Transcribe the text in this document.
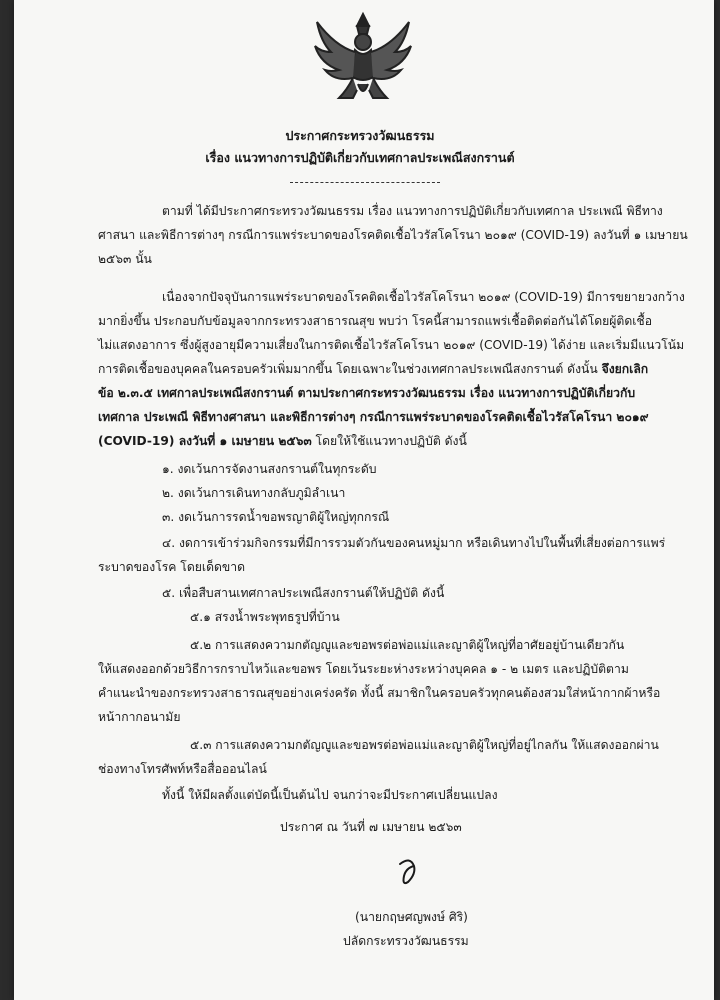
ประกาศกระทรวงวัฒนธรรม
เรื่อง แนวทางการปฏิบัติเกี่ยวกับเทศกาลประเพณีสงกรานต์
ตามที่ ได้มีประกาศกระทรวงวัฒนธรรม เรื่อง แนวทางการปฏิบัติเกี่ยวกับเทศกาล ประเพณี พิธีทาง
ศาสนา และพิธีการต่างๆ กรณีการแพร่ระบาดของโรคติดเชื้อไวรัสโคโรนา ๒๐๑๙ (COVID-19) ลงวันที่ ๑ เมษายน
๒๕๖๓ นั้น
เนื่องจากปัจจุบันการแพร่ระบาดของโรคติดเชื้อไวรัสโคโรนา ๒๐๑๙ (COVID-19) มีการขยายวงกว้าง
มากยิ่งขึ้น ประกอบกับข้อมูลจากกระทรวงสาธารณสุข พบว่า โรคนี้สามารถแพร่เชื้อติดต่อกันได้โดยผู้ติดเชื้อ
ไม่แสดงอาการ ซึ่งผู้สูงอายุมีความเสี่ยงในการติดเชื้อไวรัสโคโรนา ๒๐๑๙ (COVID-19) ได้ง่าย และเริ่มมีแนวโน้ม
การติดเชื้อของบุคคลในครอบครัวเพิ่มมากขึ้น โดยเฉพาะในช่วงเทศกาลประเพณีสงกรานต์ ดังนั้น จึงยกเลิก
ข้อ ๒.๓.๕ เทศกาลประเพณีสงกรานต์ ตามประกาศกระทรวงวัฒนธรรม เรื่อง แนวทางการปฏิบัติเกี่ยวกับ
เทศกาล ประเพณี พิธีทางศาสนา และพิธีการต่างๆ กรณีการแพร่ระบาดของโรคติดเชื้อไวรัสโคโรนา ๒๐๑๙
(COVID-19) ลงวันที่ ๑ เมษายน ๒๕๖๓ โดยให้ใช้แนวทางปฏิบัติ ดังนี้
๑. งดเว้นการจัดงานสงกรานต์ในทุกระดับ
๒. งดเว้นการเดินทางกลับภูมิลำเนา
๓. งดเว้นการรดน้ำขอพรญาติผู้ใหญ่ทุกกรณี
๔. งดการเข้าร่วมกิจกรรมที่มีการรวมตัวกันของคนหมู่มาก หรือเดินทางไปในพื้นที่เสี่ยงต่อการแพร่
ระบาดของโรค โดยเด็ดขาด
๕. เพื่อสืบสานเทศกาลประเพณีสงกรานต์ให้ปฏิบัติ ดังนี้
๕.๑ สรงน้ำพระพุทธรูปที่บ้าน
๕.๒ การแสดงความกตัญญูและขอพรต่อพ่อแม่และญาติผู้ใหญ่ที่อาศัยอยู่บ้านเดียวกัน
ให้แสดงออกด้วยวิธีการกราบไหว้และขอพร โดยเว้นระยะห่างระหว่างบุคคล ๑ - ๒ เมตร และปฏิบัติตาม
คำแนะนำของกระทรวงสาธารณสุขอย่างเคร่งครัด ทั้งนี้ สมาชิกในครอบครัวทุกคนต้องสวมใส่หน้ากากผ้าหรือ
หน้ากากอนามัย
๕.๓ การแสดงความกตัญญูและขอพรต่อพ่อแม่และญาติผู้ใหญ่ที่อยู่ไกลกัน ให้แสดงออกผ่าน
ช่องทางโทรศัพท์หรือสื่อออนไลน์
ทั้งนี้ ให้มีผลตั้งแต่บัดนี้เป็นต้นไป จนกว่าจะมีประกาศเปลี่ยนแปลง
ประกาศ ณ วันที่ ๗ เมษายน ๒๕๖๓
(นายกฤษศญพงษ์ ศิริ)
ปลัดกระทรวงวัฒนธรรม
